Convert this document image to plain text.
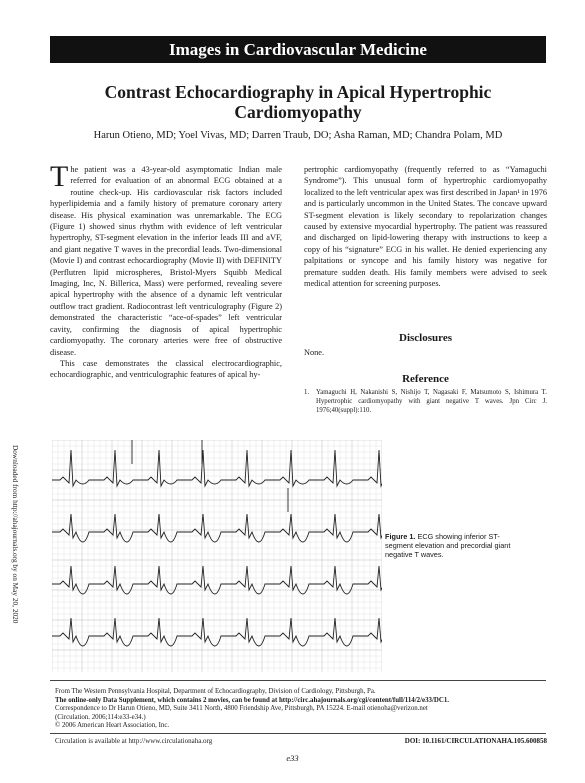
Images in Cardiovascular Medicine
Contrast Echocardiography in Apical Hypertrophic Cardiomyopathy
Harun Otieno, MD; Yoel Vivas, MD; Darren Traub, DO; Asha Raman, MD; Chandra Polam, MD
T he patient was a 43-year-old asymptomatic Indian male referred for evaluation of an abnormal ECG obtained at a routine check-up. His cardiovascular risk factors included hyperlipidemia and a family history of premature coronary artery disease. His physical examination was unremarkable. The ECG (Figure 1) showed sinus rhythm with evidence of left ventricular hypertrophy, ST-segment elevation in the inferior leads III and aVF, and giant negative T waves in the precordial leads. Two-dimensional (Movie I) and contrast echocardiography (Movie II) with DEFINITY (Perflutren lipid microspheres, Bristol-Myers Squibb Medical Imaging, Inc, N. Billerica, Mass) were performed, revealing severe apical hypertrophy with the absence of a dynamic left ventricular outflow tract gradient. Radiocontrast left ventriculography (Figure 2) demonstrated the characteristic “ace-of-spades” left ventricular cavity, confirming the diagnosis of apical hypertrophic cardiomyopathy. The coronary arteries were free of obstructive disease.

This case demonstrates the classical electrocardiographic, echocardiographic, and ventriculographic features of apical hy-

pertrophic cardiomyopathy (frequently referred to as “Yamaguchi Syndrome”). This unusual form of hypertrophic cardiomyopathy localized to the left ventricular apex was first described in Japan¹ in 1976 and is particularly uncommon in the United States. The concave upward ST-segment elevation is likely secondary to repolarization changes caused by extensive myocardial hypertrophy. The patient was reassured and discharged on lipid-lowering therapy with instructions to keep a copy of his “signature” ECG in his wallet. He denied experiencing any palpitations or syncope and his family history was negative for premature sudden death. His family members were advised to seek medical attention for screening purposes.

Disclosures
None.
Reference
1. Yamaguchi H, Nakanishi S, Nishijo T, Nagasaki F, Matsumoto S, Ishimura T. Hypertrophic cardiomyopathy with giant negative T waves. Jpn Circ J. 1976;40(suppl):110.
Downloaded from http://ahajournals.org by on May 20, 2020	Figure 1. ECG showing inferior ST-segment elevation and precordial giant negative T waves.
From The Western Pennsylvania Hospital, Department of Echocardiography, Division of Cardiology, Pittsburgh, Pa.
The online-only Data Supplement, which contains 2 movies, can be found at http://circ.ahajournals.org/cgi/content/full/114/2/e33/DC1.
Correspondence to Dr Harun Otieno, MD, Suite 3411 North, 4800 Friendship Ave, Pittsburgh, PA 15224. E-mail otienoha@verizon.net
(Circulation. 2006;114:e33-e34.)
© 2006 American Heart Association, Inc.
Circulation is available at http://www.circulationaha.org	DOI: 10.1161/CIRCULATIONAHA.105.600858
e33
